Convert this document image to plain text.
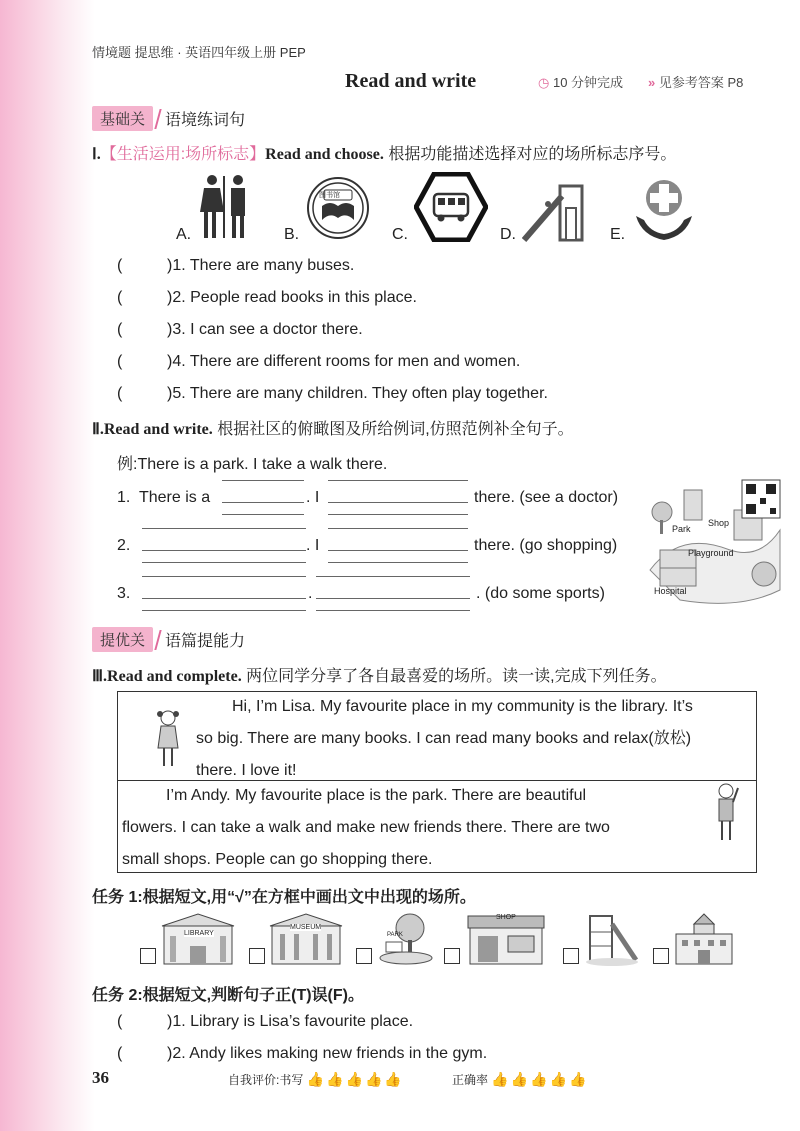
情境题 提思维 · 英语四年级上册 PEP
Read and write	◷ 10 分钟完成 » 见参考答案 P8
基础关	语境练词句
Ⅰ.【生活运用:场所标志】Read and choose. 根据功能描述选择对应的场所标志序号。
A.	B.
图书馆
C.	D.	E.
(	)1. There are many buses.
(	)2. People read books in this place.
(	)3. I can see a doctor there.
(	)4. There are different rooms for men and women.
(	)5. There are many children. They often play together.
Ⅱ.Read and write. 根据社区的俯瞰图及所给例词,仿照范例补全句子。
例:There is a park. I take a walk there.
1. There is a	. I	there. (see a doctor)
2.	. I	there. (go shopping)
3.	.	. (do some sports)
Park
Shop
Playground
Hospital
提优关	语篇提能力
Ⅲ.Read and complete. 两位同学分享了各自最喜爱的场所。读一读,完成下列任务。
Hi, I’m Lisa. My favourite place in my community is the library. It’s
so big. There are many books. I can read many books and relax(放松)
there. I love it!
I’m Andy. My favourite place is the park. There are beautiful
flowers. I can take a walk and make new friends there. There are two
small shops. People can go shopping there.
任务 1:根据短文,用“√”在方框中画出文中出现的场所。
LIBRARY
MUSEUM
PARK
SHOP
任务 2:根据短文,判断句子正(T)误(F)。
(	)1. Library is Lisa’s favourite place.
(	)2. Andy likes making new friends in the gym.
36	自我评价:书写 👍👍👍👍👍	正确率 👍👍👍👍👍
